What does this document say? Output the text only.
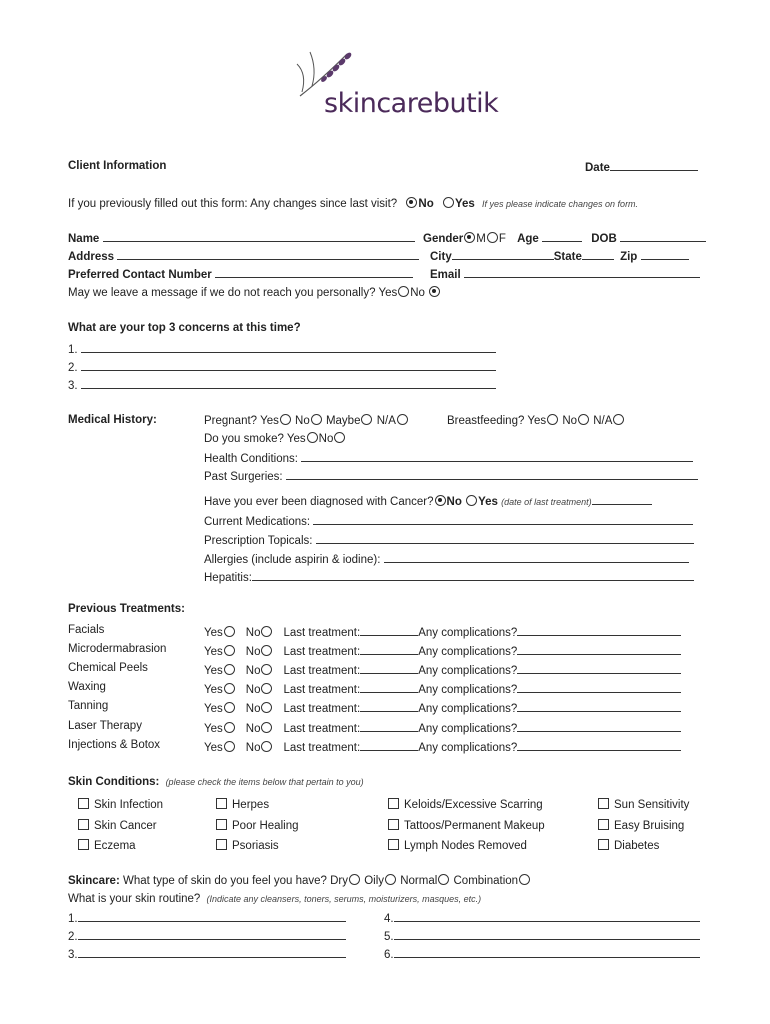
skincarebutik
Client Information	Date
If you previously filled out this form: Any changes since last visit? No Yes If yes please indicate changes on form.
Name	Gender M F Age	DOB
Address	City	State	Zip
Preferred Contact Number	Email
May we leave a message if we do not reach you personally? Yes No
What are your top 3 concerns at this time?
1.
2.
3.
Medical History:	Pregnant? Yes No Maybe N/A	Breastfeeding? Yes No N/A
Do you smoke? Yes No
Health Conditions:
Past Surgeries:
Have you ever been diagnosed with Cancer? No Yes (date of last treatment)
Current Medications:
Prescription Topicals:
Allergies (include aspirin & iodine):
Hepatitis:
Previous Treatments:
Facials	Yes No Last treatment:	Any complications?
Microdermabrasion	Yes No Last treatment:	Any complications?
Chemical Peels	Yes No Last treatment:	Any complications?
Waxing	Yes No Last treatment:	Any complications?
Tanning	Yes No Last treatment:	Any complications?
Laser Therapy	Yes No Last treatment:	Any complications?
Injections & Botox	Yes No Last treatment:	Any complications?
Skin Conditions: (please check the items below that pertain to you)
Skin Infection
Skin Cancer
Eczema
Herpes
Poor Healing
Psoriasis
Keloids/Excessive Scarring
Tattoos/Permanent Makeup
Lymph Nodes Removed
Sun Sensitivity
Easy Bruising
Diabetes
Skincare: What type of skin do you feel you have? Dry Oily Normal Combination
What is your skin routine? (Indicate any cleansers, toners, serums, moisturizers, masques, etc.)
1.
2.
3.
4.
5.
6.
